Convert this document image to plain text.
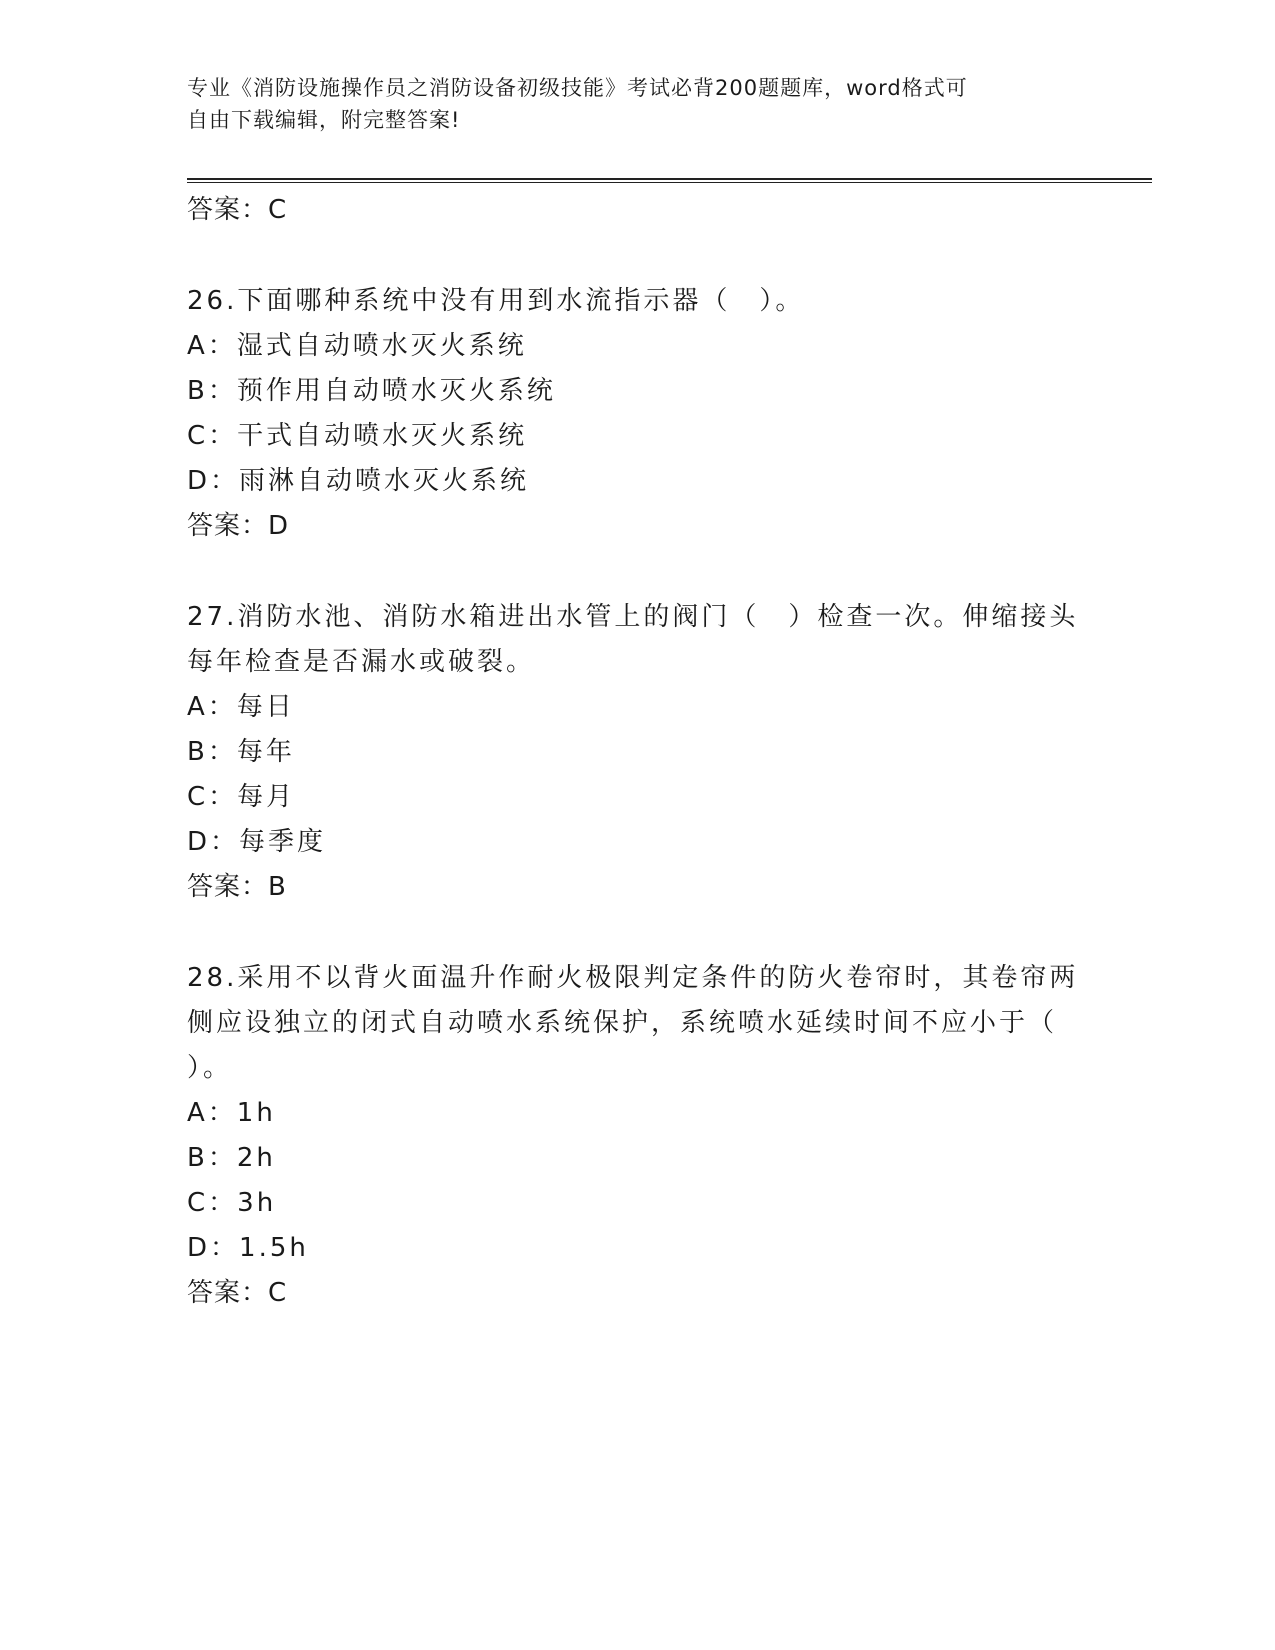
专业《消防设施操作员之消防设备初级技能》考试必背200题题库，word格式可
自由下载编辑，附完整答案!
答案：C
26.下面哪种系统中没有用到水流指示器（　）。
A：湿式自动喷水灭火系统
B：预作用自动喷水灭火系统
C：干式自动喷水灭火系统
D：雨淋自动喷水灭火系统
答案：D
27.消防水池、消防水箱进出水管上的阀门（　）检查一次。伸缩接头
每年检查是否漏水或破裂。
A：每日
B：每年
C：每月
D：每季度
答案：B
28.采用不以背火面温升作耐火极限判定条件的防火卷帘时，其卷帘两
侧应设独立的闭式自动喷水系统保护，系统喷水延续时间不应小于（
）。
A：1h
B：2h
C：3h
D：1.5h
答案：C
